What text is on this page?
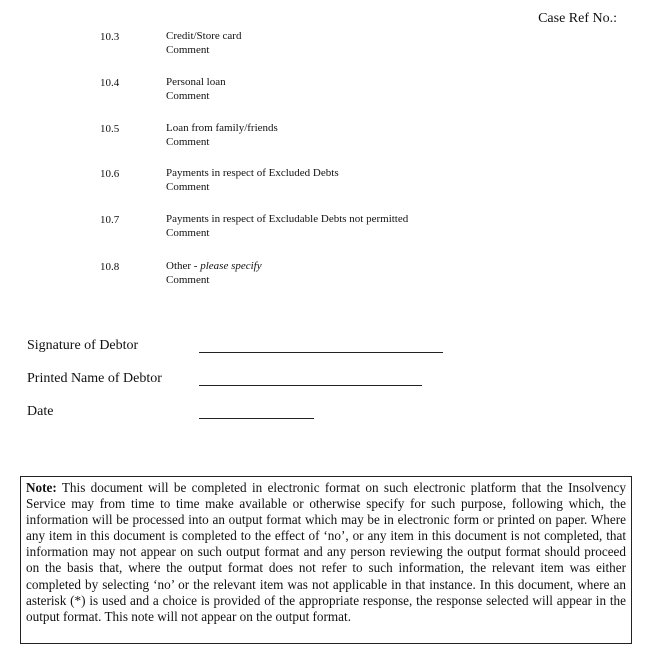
Case Ref No.:
10.3	Credit/Store card
Comment
10.4	Personal loan
Comment
10.5	Loan from family/friends
Comment
10.6	Payments in respect of Excluded Debts
Comment
10.7	Payments in respect of Excludable Debts not permitted
Comment
10.8	Other - please specify
Comment
Signature of Debtor
Printed Name of Debtor
Date

Note: This document will be completed in electronic format on such electronic platform that the Insolvency Service may from time to time make available or otherwise specify for such purpose, following which, the information will be processed into an output format which may be in electronic form or printed on paper. Where any item in this document is completed to the effect of ‘no’, or any item in this document is not completed, that information may not appear on such output format and any person reviewing the output format should proceed on the basis that, where the output format does not refer to such information, the relevant item was either completed by selecting ‘no’ or the relevant item was not applicable in that instance. In this document, where an asterisk (*) is used and a choice is provided of the appropriate response, the response selected will appear in the output format. This note will not appear on the output format.
